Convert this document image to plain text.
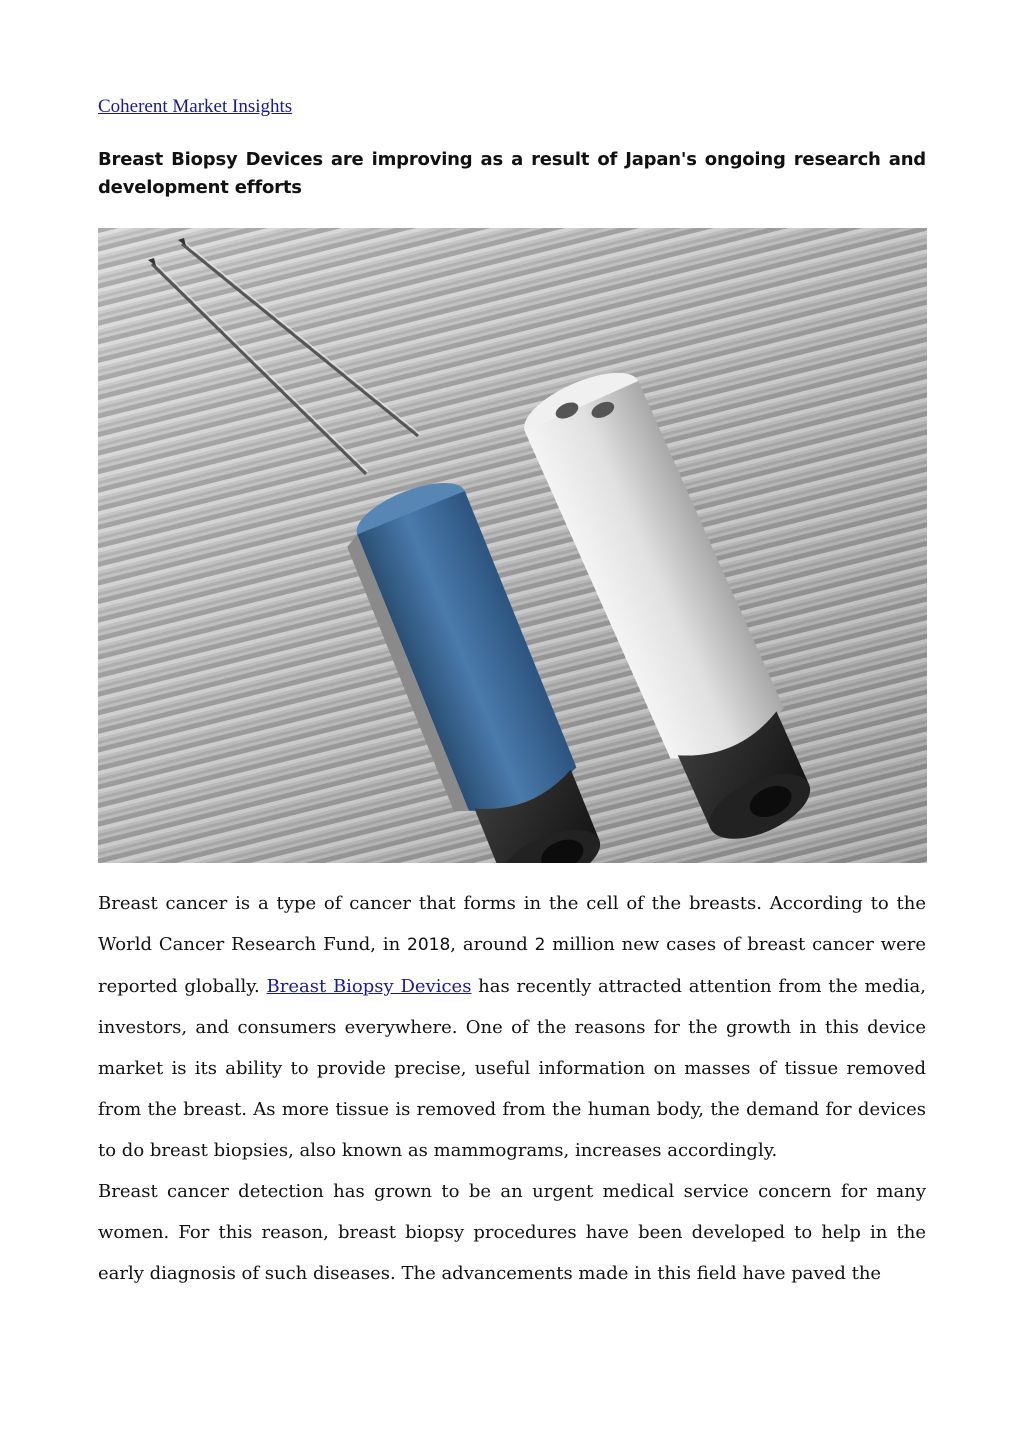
Coherent Market Insights
Breast Biopsy Devices are improving as a result of Japan's ongoing research and development efforts

Breast cancer is a type of cancer that forms in the cell of the breasts. According to the World Cancer Research Fund, in 2018, around 2 million new cases of breast cancer were reported globally. Breast Biopsy Devices has recently attracted attention from the media, investors, and consumers everywhere. One of the reasons for the growth in this device market is its ability to provide precise, useful information on masses of tissue removed from the breast. As more tissue is removed from the human body, the demand for devices to do breast biopsies, also known as mammograms, increases accordingly.

Breast cancer detection has grown to be an urgent medical service concern for many women. For this reason, breast biopsy procedures have been developed to help in the early diagnosis of such diseases. The advancements made in this field have paved the
